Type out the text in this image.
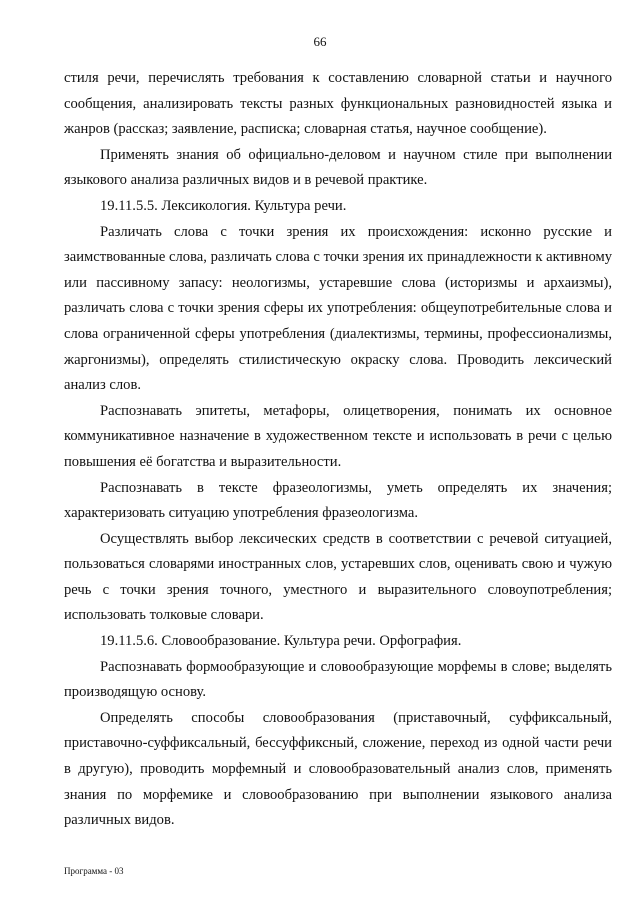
66

стиля речи, перечислять требования к составлению словарной статьи и научного сообщения, анализировать тексты разных функциональных разновидностей языка и жанров (рассказ; заявление, расписка; словарная статья, научное сообщение).

Применять знания об официально-деловом и научном стиле при выполнении языкового анализа различных видов и в речевой практике.

19.11.5.5. Лексикология. Культура речи.

Различать слова с точки зрения их происхождения: исконно русские и заимствованные слова, различать слова с точки зрения их принадлежности к активному или пассивному запасу: неологизмы, устаревшие слова (историзмы и архаизмы), различать слова с точки зрения сферы их употребления: общеупотребительные слова и слова ограниченной сферы употребления (диалектизмы, термины, профессионализмы, жаргонизмы), определять стилистическую окраску слова. Проводить лексический анализ слов.

Распознавать эпитеты, метафоры, олицетворения, понимать их основное коммуникативное назначение в художественном тексте и использовать в речи с целью повышения её богатства и выразительности.

Распознавать в тексте фразеологизмы, уметь определять их значения; характеризовать ситуацию употребления фразеологизма.

Осуществлять выбор лексических средств в соответствии с речевой ситуацией, пользоваться словарями иностранных слов, устаревших слов, оценивать свою и чужую речь с точки зрения точного, уместного и выразительного словоупотребления; использовать толковые словари.

19.11.5.6. Словообразование. Культура речи. Орфография.

Распознавать формообразующие и словообразующие морфемы в слове; выделять производящую основу.

Определять способы словообразования (приставочный, суффиксальный, приставочно-суффиксальный, бессуффиксный, сложение, переход из одной части речи в другую), проводить морфемный и словообразовательный анализ слов, применять знания по морфемике и словообразованию при выполнении языкового анализа различных видов.

Программа - 03
